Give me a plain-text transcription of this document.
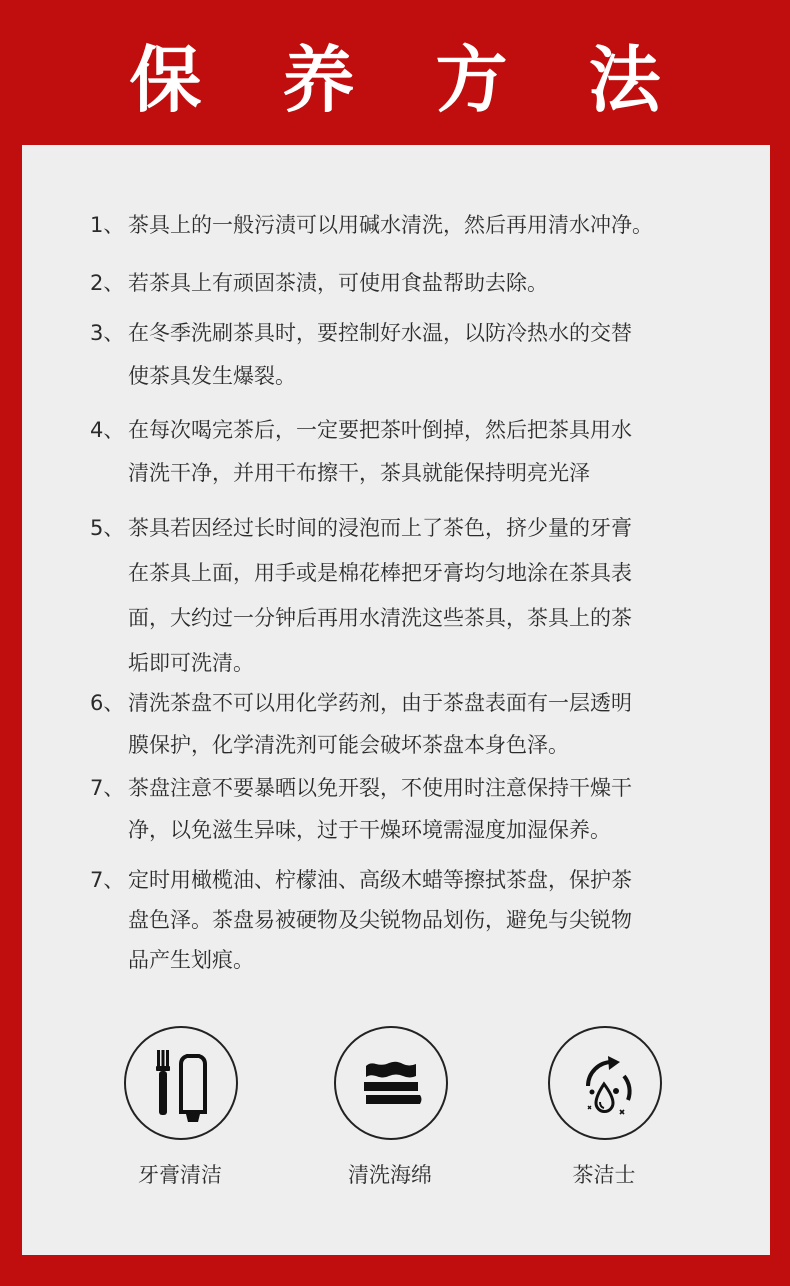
保 养 方 法
1、 茶具上的一般污渍可以用碱水清洗，然后再用清水冲净。
2、 若茶具上有顽固茶渍，可使用食盐帮助去除。
3、 在冬季洗刷茶具时，要控制好水温，以防冷热水的交替
使茶具发生爆裂。
4、 在每次喝完茶后，一定要把茶叶倒掉，然后把茶具用水
清洗干净，并用干布擦干，茶具就能保持明亮光泽
5、 茶具若因经过长时间的浸泡而上了茶色，挤少量的牙膏
在茶具上面，用手或是棉花棒把牙膏均匀地涂在茶具表
面，大约过一分钟后再用水清洗这些茶具，茶具上的茶
垢即可洗清。
6、 清洗茶盘不可以用化学药剂，由于茶盘表面有一层透明
膜保护，化学清洗剂可能会破坏茶盘本身色泽。
7、 茶盘注意不要暴晒以免开裂，不使用时注意保持干燥干
净，以免滋生异味，过于干燥环境需湿度加湿保养。
7、 定时用橄榄油、柠檬油、高级木蜡等擦拭茶盘，保护茶
盘色泽。茶盘易被硬物及尖锐物品划伤，避免与尖锐物
品产生划痕。
牙膏清洁	清洗海绵	茶洁士
